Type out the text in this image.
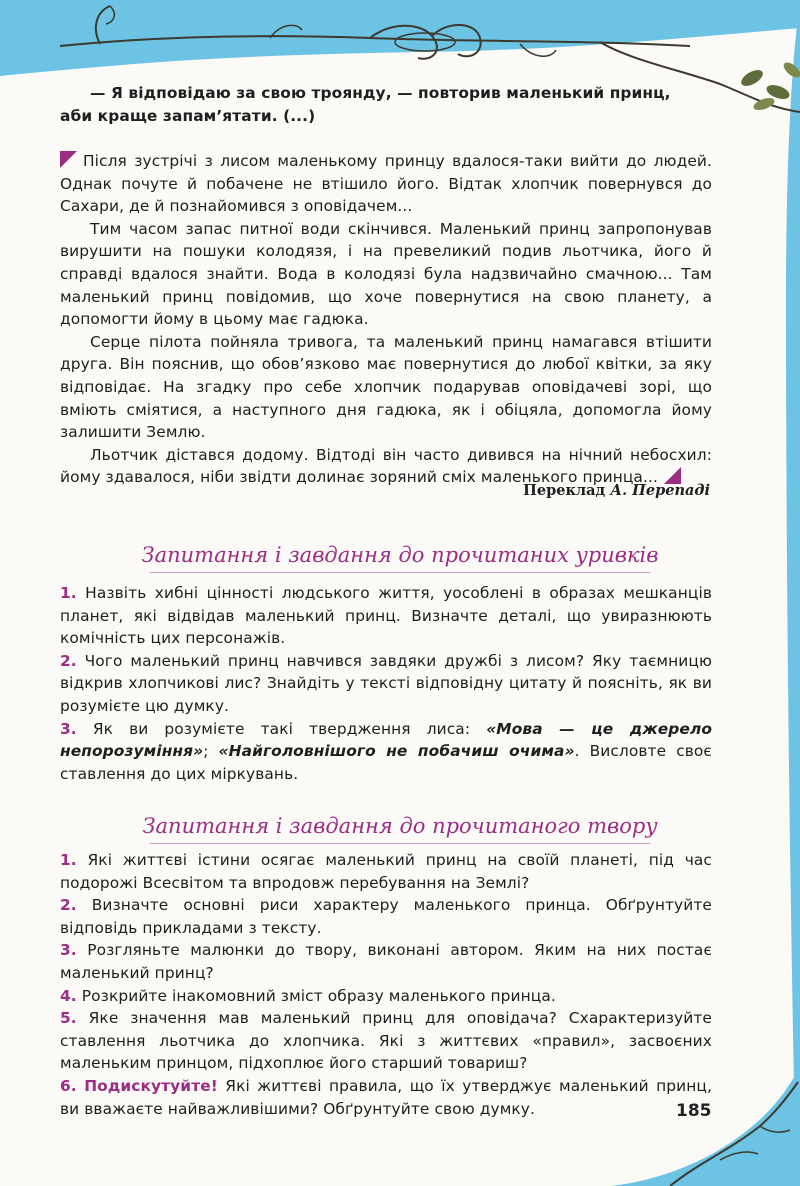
— Я відповідаю за свою троянду, — повторив маленький принц,
аби краще запам’ятати. (...)

Після зустрічі з лисом маленькому принцу вдалося-таки вийти до людей. Однак почуте й побачене не втішило його. Відтак хлопчик повернувся до Сахари, де й познайомився з оповідачем...

Тим часом запас питної води скінчився. Маленький принц запропонував вирушити на пошуки колодязя, і на превеликий подив льотчика, його й справді вдалося знайти. Вода в колодязі була надзвичайно смачною... Там маленький принц повідомив, що хоче повернутися на свою планету, а допомогти йому в цьому має гадюка.

Серце пілота пойняла тривога, та маленький принц намагався втішити друга. Він пояснив, що обов’язково має повернутися до любої квітки, за яку відповідає. На згадку про себе хлопчик подарував оповідачеві зорі, що вміють сміятися, а наступного дня гадюка, як і обіцяла, допомогла йому залишити Землю.

Льотчик дістався додому. Відтоді він часто дивився на нічний небосхил: йому здавалося, ніби звідти долинає зоряний сміх маленького принца...

Переклад А. Перепаді
Запитання і завдання до прочитаних уривків

1. Назвіть хибні цінності людського життя, уособлені в образах мешканців планет, які відвідав маленький принц. Визначте деталі, що увиразнюють комічність цих персонажів.

2. Чого маленький принц навчився завдяки дружбі з лисом? Яку таємницю відкрив хлопчикові лис? Знайдіть у тексті відповідну цитату й поясніть, як ви розумієте цю думку.

3. Як ви розумієте такі твердження лиса: «Мова — це джерело непорозуміння»; «Найголовнішого не побачиш очима». Висловте своє ставлення до цих міркувань.

Запитання і завдання до прочитаного твору

1. Які життєві істини осягає маленький принц на своїй планеті, під час подорожі Всесвітом та впродовж перебування на Землі?

2. Визначте основні риси характеру маленького принца. Обґрунтуйте відповідь прикладами з тексту.

3. Розгляньте малюнки до твору, виконані автором. Яким на них постає маленький принц?

4. Розкрийте інакомовний зміст образу маленького принца.

5. Яке значення мав маленький принц для оповідача? Схарактеризуйте ставлення льотчика до хлопчика. Які з життєвих «правил», засвоєних маленьким принцом, підхоплює його старший товариш?

6. Подискутуйте! Які життєві правила, що їх утверджує маленький принц, ви вважаєте найважливішими? Обґрунтуйте свою думку.	185
